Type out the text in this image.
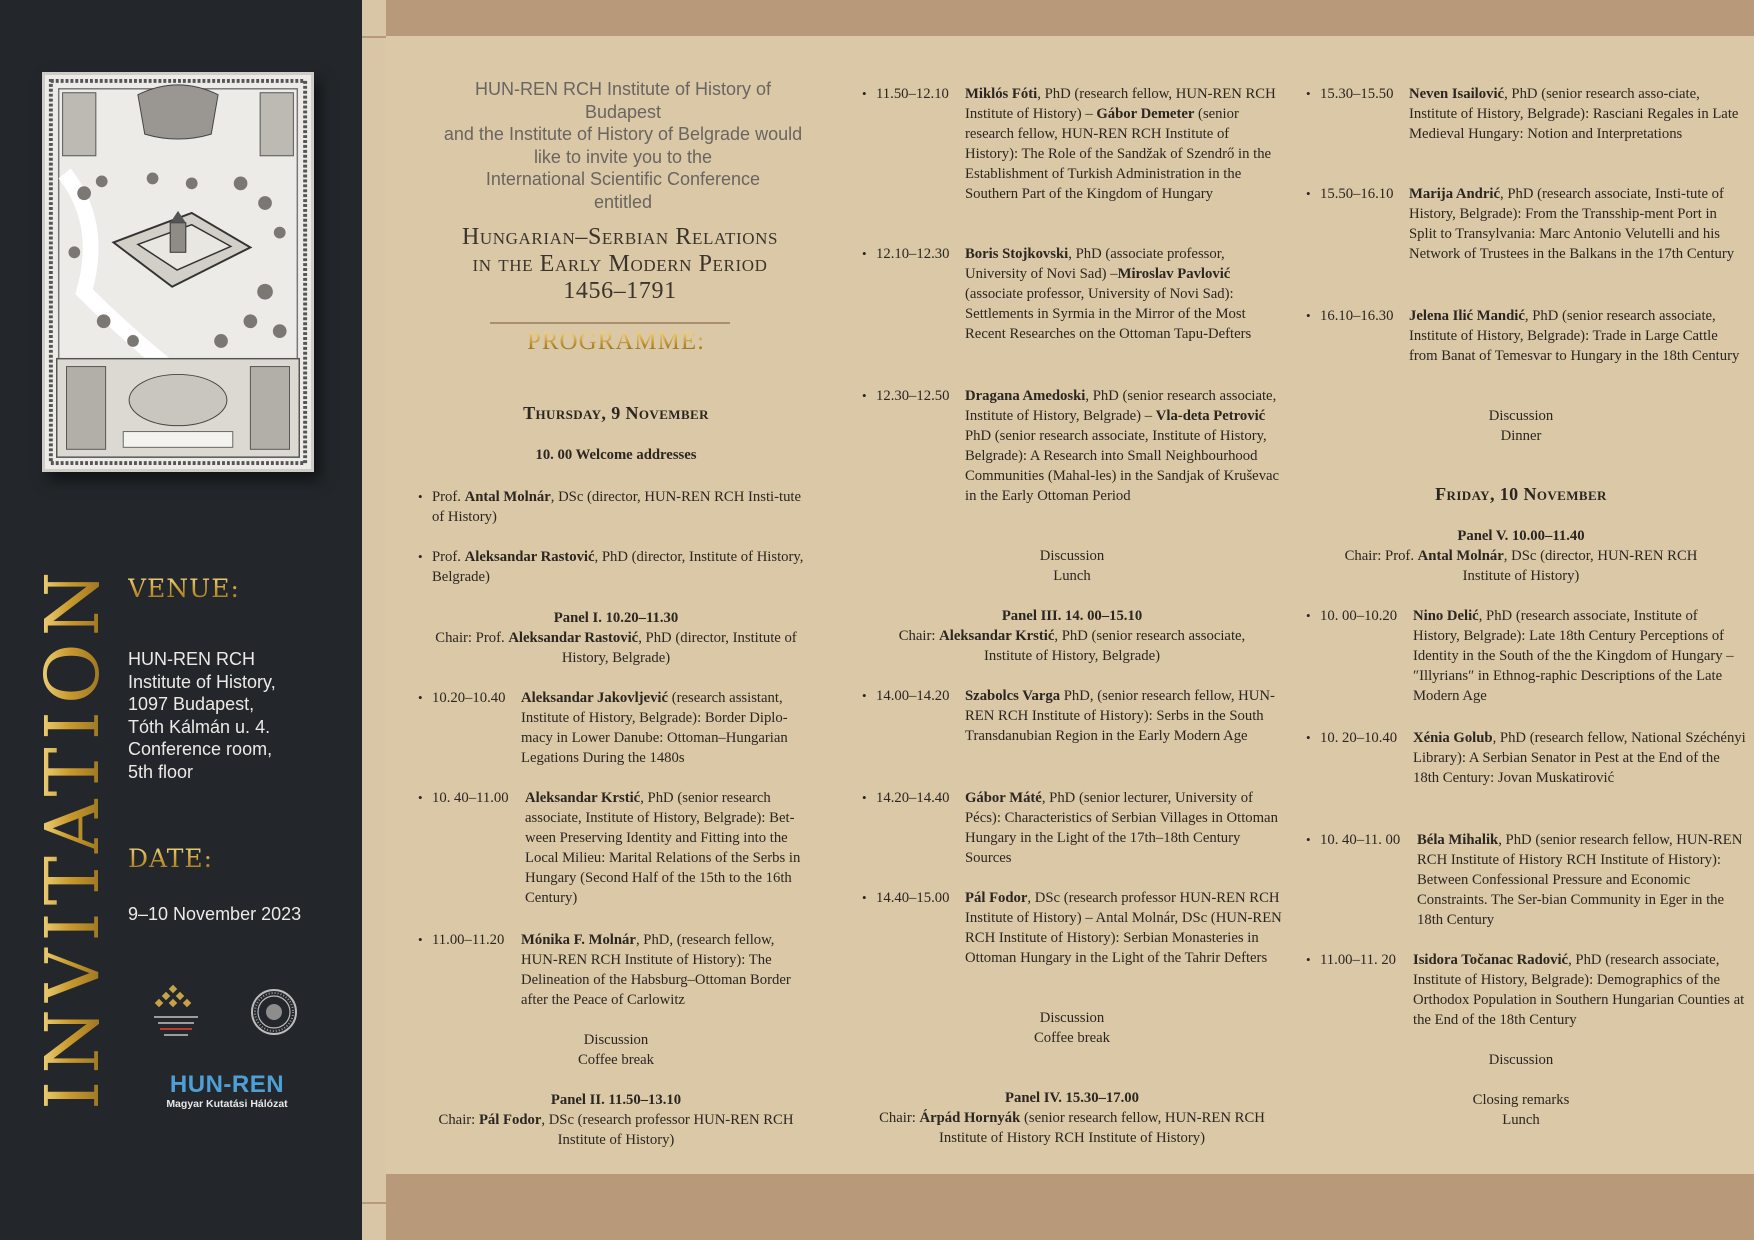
INVITATION VENUE:
HUN-REN RCH
Institute of History,
1097 Budapest,
Tóth Kálmán u. 4.
Conference room,
5th floor
DATE:
9–10 November 2023
HUN-REN
Magyar Kutatási Hálózat
HUN-REN RCH Institute of History of Budapest
and the Institute of History of Belgrade would
like to invite you to the
International Scientific Conference
entitled
Hungarian–Serbian Relations
in the Early Modern Period
1456–1791
PROGRAMME:
Thursday, 9 November
10. 00 Welcome addresses
• Prof. Antal Molnár, DSc (director, HUN-REN RCH Insti-tute of History)
• Prof. Aleksandar Rastović, PhD (director, Institute of History, Belgrade)
Panel I. 10.20–11.30
Chair: Prof. Aleksandar Rastović, PhD (director, Institute of History, Belgrade)
• 10.20–10.40	Aleksandar Jakovljević (research assistant, Institute of History, Belgrade): Border Diplo-macy in Lower Danube: Ottoman–Hungarian Legations During the 1480s
• 10. 40–11.00	Aleksandar Krstić, PhD (senior research associate, Institute of History, Belgrade): Bet-ween Preserving Identity and Fitting into the Local Milieu: Marital Relations of the Serbs in Hungary (Second Half of the 15th to the 16th Century)
• 11.00–11.20	Mónika F. Molnár, PhD, (research fellow, HUN-REN RCH Institute of History): The Delineation of the Habsburg–Ottoman Border after the Peace of Carlowitz
Discussion
Coffee break
Panel II. 11.50–13.10
Chair: Pál Fodor, DSc (research professor HUN-REN RCH Institute of History)
• 11.50–12.10	Miklós Fóti, PhD (research fellow, HUN-REN RCH Institute of History) – Gábor Demeter (senior research fellow, HUN-REN RCH Institute of History): The Role of the Sandžak of Szendrő in the Establishment of Turkish Administration in the Southern Part of the Kingdom of Hungary
• 12.10–12.30	Boris Stojkovski, PhD (associate professor, University of Novi Sad) –Miroslav Pavlović (associate professor, University of Novi Sad): Settlements in Syrmia in the Mirror of the Most Recent Researches on the Ottoman Tapu-Defters
• 12.30–12.50	Dragana Amedoski, PhD (senior research associate, Institute of History, Belgrade) – Vla-deta Petrović PhD (senior research associate, Institute of History, Belgrade): A Research into Small Neighbourhood Communities (Mahal-les) in the Sandjak of Kruševac in the Early Ottoman Period
Discussion
Lunch
Panel III. 14. 00–15.10
Chair: Aleksandar Krstić, PhD (senior research associate, Institute of History, Belgrade)
• 14.00–14.20	Szabolcs Varga PhD, (senior research fellow, HUN-REN RCH Institute of History): Serbs in the South Transdanubian Region in the Early Modern Age
• 14.20–14.40	Gábor Máté, PhD (senior lecturer, University of Pécs): Characteristics of Serbian Villages in Ottoman Hungary in the Light of the 17th–18th Century Sources
• 14.40–15.00	Pál Fodor, DSc (research professor HUN-REN RCH Institute of History) – Antal Molnár, DSc (HUN-REN RCH Institute of History): Serbian Monasteries in Ottoman Hungary in the Light of the Tahrir Defters
Discussion
Coffee break
Panel IV. 15.30–17.00
Chair: Árpád Hornyák (senior research fellow, HUN-REN RCH Institute of History RCH Institute of History)
• 15.30–15.50	Neven Isailović, PhD (senior research asso-ciate, Institute of History, Belgrade): Rasciani Regales in Late Medieval Hungary: Notion and Interpretations
• 15.50–16.10	Marija Andrić, PhD (research associate, Insti-tute of History, Belgrade): From the Transship-ment Port in Split to Transylvania: Marc Antonio Velutelli and his Network of Trustees in the Balkans in the 17th Century
• 16.10–16.30	Jelena Ilić Mandić, PhD (senior research associate, Institute of History, Belgrade): Trade in Large Cattle from Banat of Temesvar to Hungary in the 18th Century
Discussion
Dinner
Friday, 10 November
Panel V. 10.00–11.40
Chair: Prof. Antal Molnár, DSc (director, HUN-REN RCH Institute of History)
• 10. 00–10.20	Nino Delić, PhD (research associate, Institute of History, Belgrade): Late 18th Century Perceptions of Identity in the South of the the Kingdom of Hungary – ″Illyrians″ in Ethnog-raphic Descriptions of the Late Modern Age
• 10. 20–10.40	Xénia Golub, PhD (research fellow, National Széchényi Library): A Serbian Senator in Pest at the End of the 18th Century: Jovan Muskatirović
• 10. 40–11. 00	Béla Mihalik, PhD (senior research fellow, HUN-REN RCH Institute of History RCH Institute of History): Between Confessional Pressure and Economic Constraints. The Ser-bian Community in Eger in the 18th Century
• 11.00–11. 20	Isidora Točanac Radović, PhD (research associate, Institute of History, Belgrade): Demographics of the Orthodox Population in Southern Hungarian Counties at the End of the 18th Century
Discussion
Closing remarks
Lunch
